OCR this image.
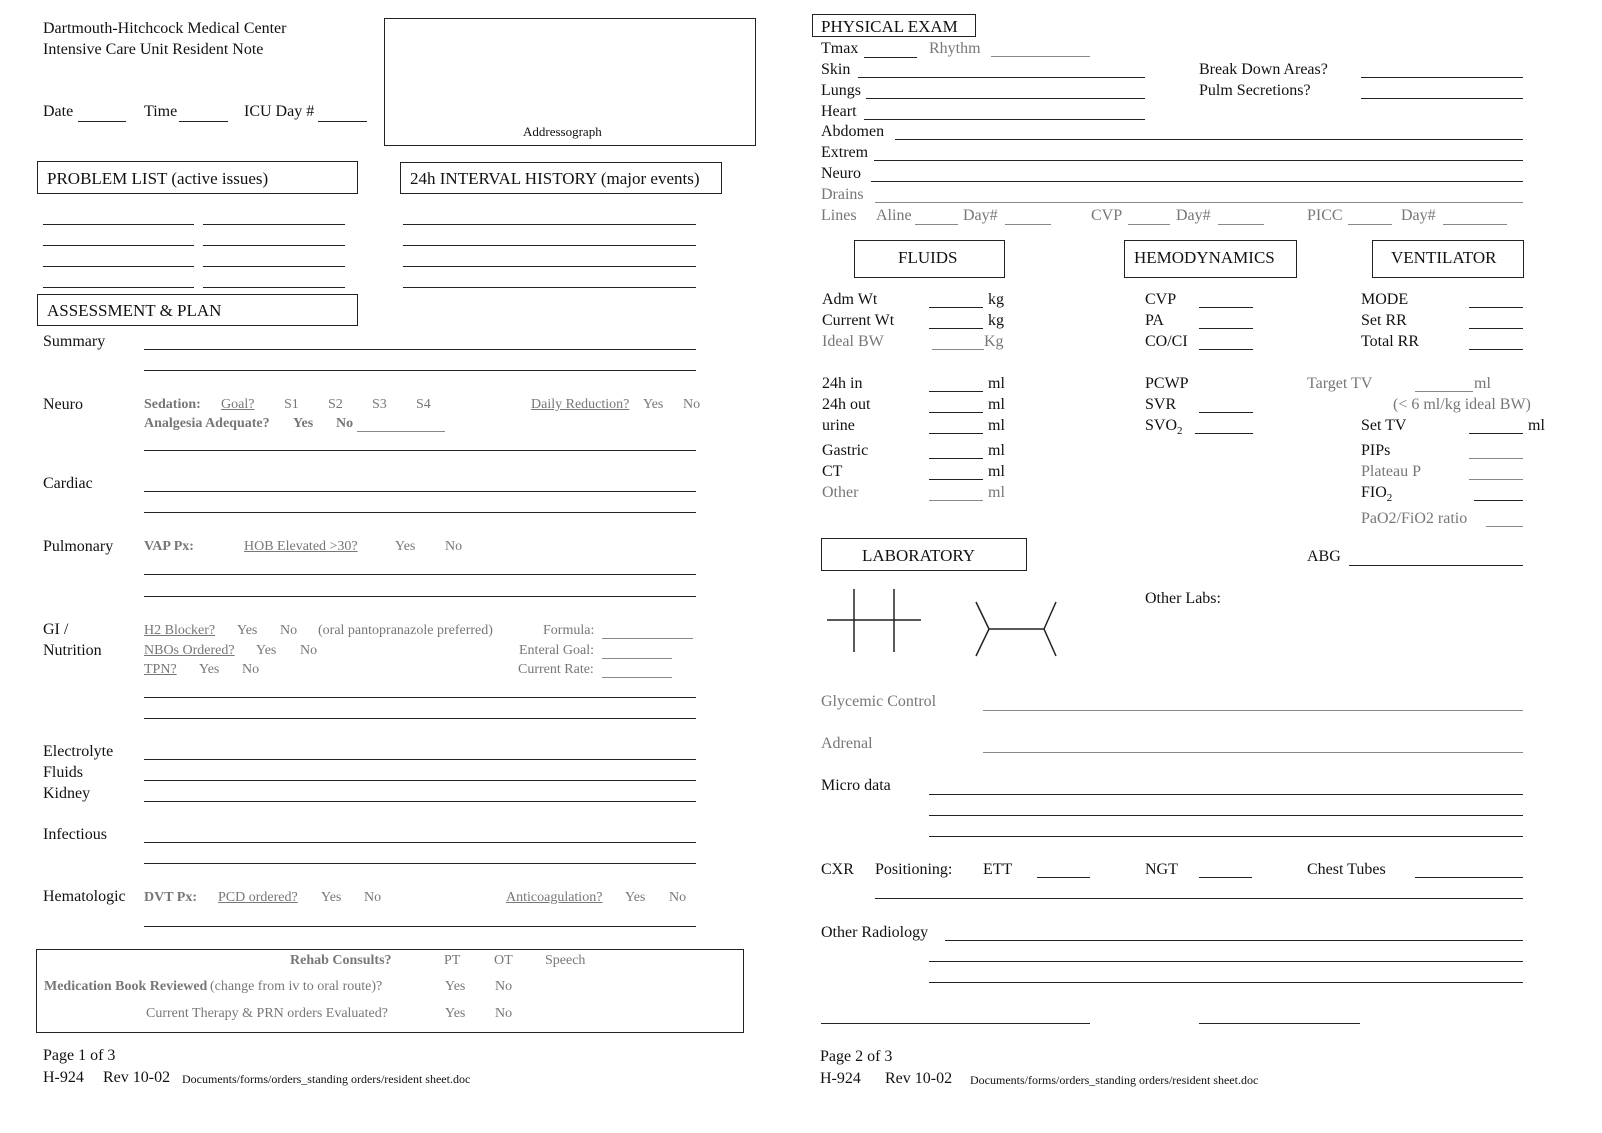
Dartmouth-Hitchcock Medical Center
Intensive Care Unit Resident Note
Date	Time	ICU Day #
Addressograph
PROBLEM LIST (active issues)	24h INTERVAL HISTORY (major events)
ASSESSMENT & PLAN
Summary
Neuro	Sedation: Goal? S1 S2 S3 S4	Daily Reduction? Yes No
Analgesia Adequate? Yes No
Cardiac
Pulmonary VAP Px:	HOB Elevated >30?	Yes No
GI /
Nutrition
H2 Blocker? Yes No (oral pantopranazole preferred)	Formula:
NBOs Ordered? Yes No	Enteral Goal:
TPN? Yes No	Current Rate:
Electrolyte
Fluids
Kidney
Infectious
Hematologic DVT Px: PCD ordered? Yes No	Anticoagulation? Yes No
Rehab Consults?	PT OT Speech
Medication Book Reviewed (change from iv to oral route)?	Yes No
Current Therapy & PRN orders Evaluated?	Yes No
Page 1 of 3
H-924 Rev 10-02 Documents/forms/orders_standing orders/resident sheet.doc
PHYSICAL EXAM
Tmax	Rhythm
Skin
Lungs
Heart
Break Down Areas?
Pulm Secretions?
Abdomen
Extrem
Neuro
Drains
Lines Aline	Day#	CVP	Day#	PICC	Day#
FLUIDS	HEMODYNAMICS	VENTILATOR
Adm Wt	kg
Current Wt	kg
Ideal BW	Kg
24h in	ml
24h out	ml
urine	ml
Gastric	ml
CT	ml
Other	ml
CVP
PA
CO/CI
PCWP
SVR
$SVO_2$
MODE
Set RR
Total RR
Target TV	ml
(< 6 ml/kg ideal BW)
Set TV	ml
PIPs
Plateau P
$FIO_2$
PaO2/FiO2 ratio
LABORATORY	ABG
Other Labs:
Glycemic Control
Adrenal
Micro data
CXR Positioning: ETT	NGT	Chest Tubes
Other Radiology
Page 2 of 3
H-924 Rev 10-02 Documents/forms/orders_standing orders/resident sheet.doc
